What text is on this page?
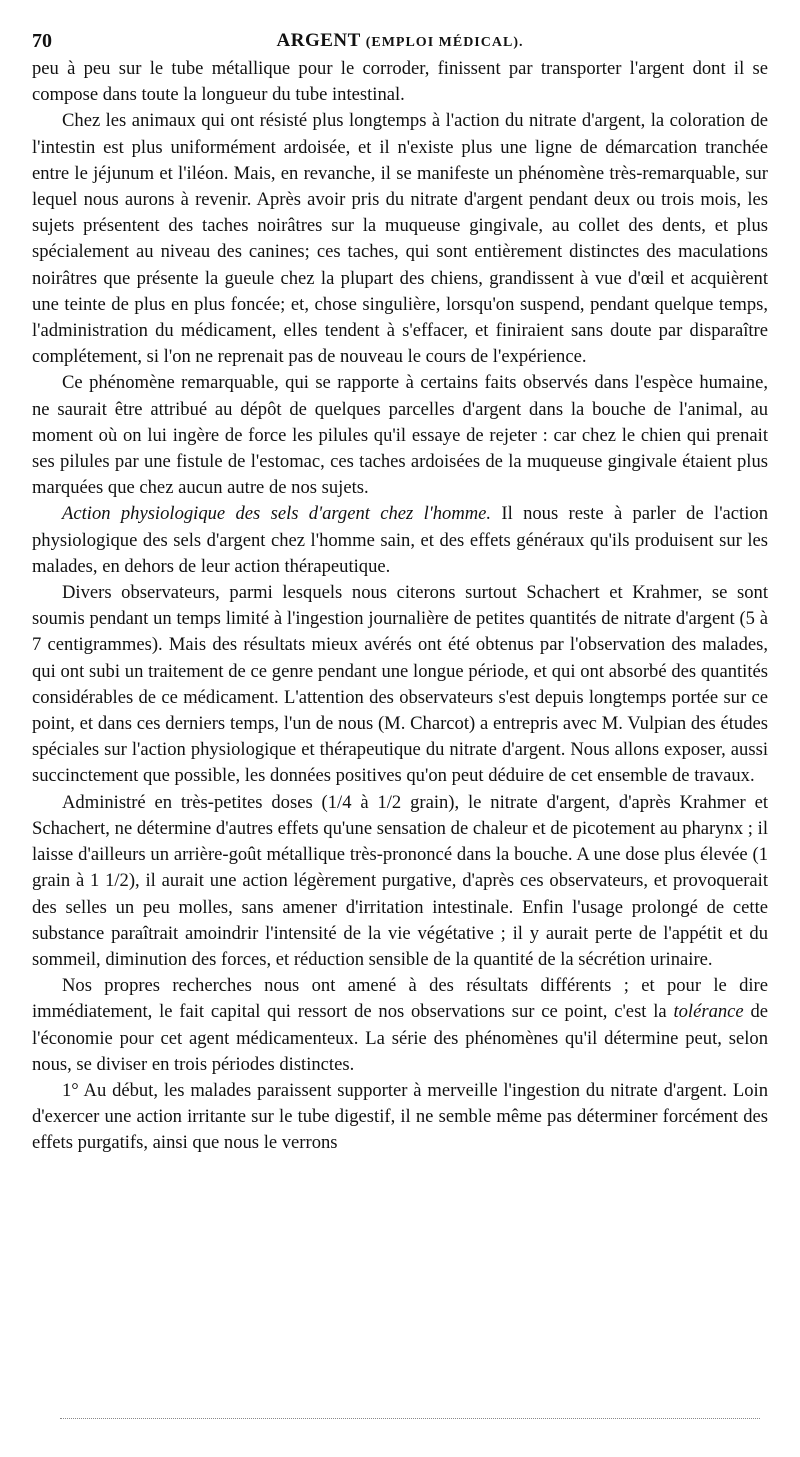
70	ARGENT (EMPLOI MÉDICAL).

peu à peu sur le tube métallique pour le corroder, finissent par transporter l'argent dont il se compose dans toute la longueur du tube intestinal.

Chez les animaux qui ont résisté plus longtemps à l'action du nitrate d'argent, la coloration de l'intestin est plus uniformément ardoisée, et il n'existe plus une ligne de démarcation tranchée entre le jéjunum et l'iléon. Mais, en revanche, il se manifeste un phénomène très-remarquable, sur lequel nous aurons à revenir. Après avoir pris du nitrate d'argent pendant deux ou trois mois, les sujets présentent des taches noirâtres sur la muqueuse gingivale, au collet des dents, et plus spécialement au niveau des canines; ces taches, qui sont entièrement distinctes des maculations noirâtres que présente la gueule chez la plupart des chiens, grandissent à vue d'œil et acquièrent une teinte de plus en plus foncée; et, chose singulière, lorsqu'on suspend, pendant quelque temps, l'administration du médicament, elles tendent à s'effacer, et finiraient sans doute par disparaître complétement, si l'on ne reprenait pas de nouveau le cours de l'expérience.

Ce phénomène remarquable, qui se rapporte à certains faits observés dans l'espèce humaine, ne saurait être attribué au dépôt de quelques parcelles d'argent dans la bouche de l'animal, au moment où on lui ingère de force les pilules qu'il essaye de rejeter : car chez le chien qui prenait ses pilules par une fistule de l'estomac, ces taches ardoisées de la muqueuse gingivale étaient plus marquées que chez aucun autre de nos sujets.

Action physiologique des sels d'argent chez l'homme. Il nous reste à parler de l'action physiologique des sels d'argent chez l'homme sain, et des effets généraux qu'ils produisent sur les malades, en dehors de leur action thérapeutique.

Divers observateurs, parmi lesquels nous citerons surtout Schachert et Krahmer, se sont soumis pendant un temps limité à l'ingestion journalière de petites quantités de nitrate d'argent (5 à 7 centigrammes). Mais des résultats mieux avérés ont été obtenus par l'observation des malades, qui ont subi un traitement de ce genre pendant une longue période, et qui ont absorbé des quantités considérables de ce médicament. L'attention des observateurs s'est depuis longtemps portée sur ce point, et dans ces derniers temps, l'un de nous (M. Charcot) a entrepris avec M. Vulpian des études spéciales sur l'action physiologique et thérapeutique du nitrate d'argent. Nous allons exposer, aussi succinctement que possible, les données positives qu'on peut déduire de cet ensemble de travaux.

Administré en très-petites doses (1/4 à 1/2 grain), le nitrate d'argent, d'après Krahmer et Schachert, ne détermine d'autres effets qu'une sensation de chaleur et de picotement au pharynx ; il laisse d'ailleurs un arrière-goût métallique très-prononcé dans la bouche. A une dose plus élevée (1 grain à 1 1/2), il aurait une action légèrement purgative, d'après ces observateurs, et provoquerait des selles un peu molles, sans amener d'irritation intestinale. Enfin l'usage prolongé de cette substance paraîtrait amoindrir l'intensité de la vie végétative ; il y aurait perte de l'appétit et du sommeil, diminution des forces, et réduction sensible de la quantité de la sécrétion urinaire.

Nos propres recherches nous ont amené à des résultats différents ; et pour le dire immédiatement, le fait capital qui ressort de nos observations sur ce point, c'est la tolérance de l'économie pour cet agent médicamenteux. La série des phénomènes qu'il détermine peut, selon nous, se diviser en trois périodes distinctes.

1° Au début, les malades paraissent supporter à merveille l'ingestion du nitrate d'argent. Loin d'exercer une action irritante sur le tube digestif, il ne semble même pas déterminer forcément des effets purgatifs, ainsi que nous le verrons
